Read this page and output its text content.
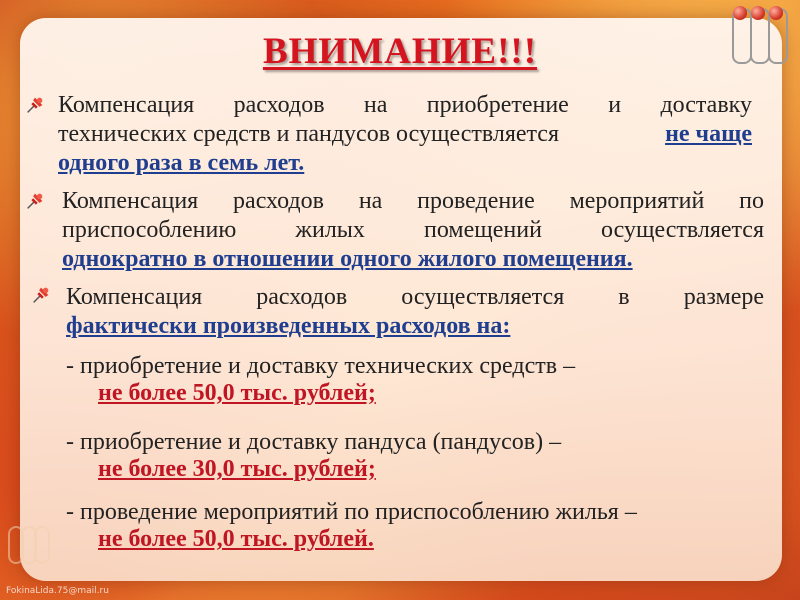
ВНИМАНИЕ!!!
Компенсация расходов на приобретение и доставку
технических средств и пандусов осуществляется	не чаще
одного раза в семь лет.
Компенсация расходов на проведение мероприятий по
приспособлению жилых помещений осуществляется
однократно в отношении одного жилого помещения.
Компенсация расходов осуществляется в размере
фактически произведенных расходов на:
- приобретение и доставку технических средств –
не более 50,0 тыс. рублей;
- приобретение и доставку пандуса (пандусов) –
не более 30,0 тыс. рублей;
- проведение мероприятий по приспособлению жилья –
не более 50,0 тыс. рублей.
FokinaLida.75@mail.ru
